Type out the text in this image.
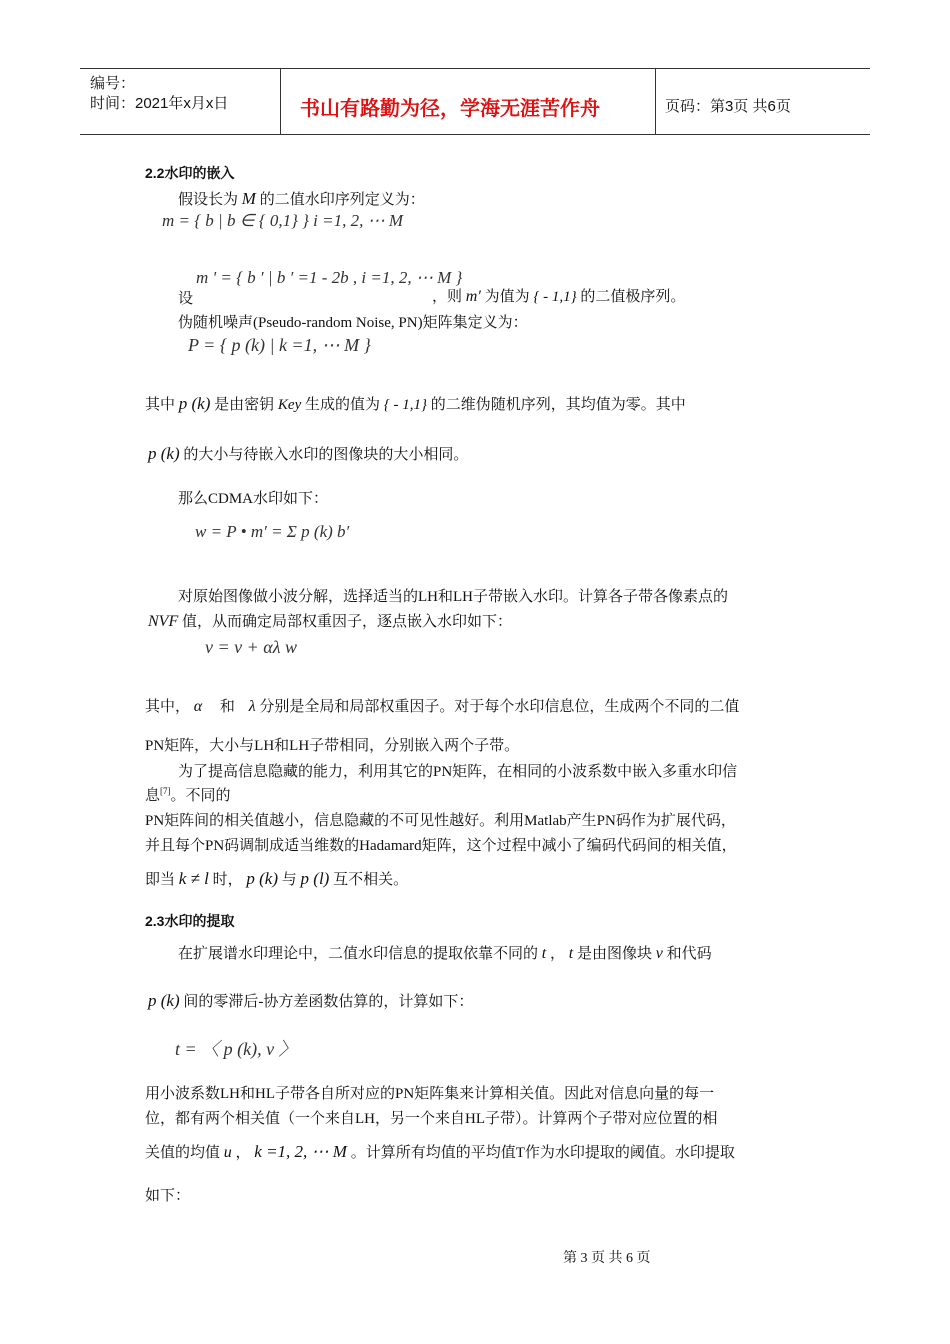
编号：
时间：2021年x月x日	书山有路勤为径，学海无涯苦作舟	页码：第3页 共6页
2.2水印的嵌入
假设长为 M 的二值水印序列定义为：
m = { b | b ∈ { 0,1} } i =1, 2, ⋯ M
m ' = { b ′ | b ′ =1 - 2b , i =1, 2, ⋯ M }
设	，则 m′ 为值为 { - 1,1} 的二值极序列。
伪随机噪声(Pseudo-random Noise, PN)矩阵集定义为：
P = { p (k) | k =1, ⋯ M }
其中 p (k) 是由密钥 Key 生成的值为 { - 1,1} 的二维伪随机序列，其均值为零。其中
p (k) 的大小与待嵌入水印的图像块的大小相同。
那么CDMA水印如下：
w = P • m′ = Σ p (k) b′
对原始图像做小波分解，选择适当的LH和LH子带嵌入水印。计算各子带各像素点的
NVF 值，从而确定局部权重因子，逐点嵌入水印如下：
v = v + αλ w
其中， α 和 λ 分别是全局和局部权重因子。对于每个水印信息位，生成两个不同的二值
PN矩阵，大小与LH和LH子带相同，分别嵌入两个子带。
为了提高信息隐藏的能力，利用其它的PN矩阵，在相同的小波系数中嵌入多重水印信
息[7]。不同的
PN矩阵间的相关值越小，信息隐藏的不可见性越好。利用Matlab产生PN码作为扩展代码，
并且每个PN码调制成适当维数的Hadamard矩阵，这个过程中减小了编码代码间的相关值，
即当 k ≠ l 时， p (k) 与 p (l) 互不相关。
2.3水印的提取
在扩展谱水印理论中，二值水印信息的提取依靠不同的 t ， t 是由图像块 v 和代码
p (k) 间的零滞后-协方差函数估算的，计算如下：
t = 〈 p (k), v 〉
用小波系数LH和HL子带各自所对应的PN矩阵集来计算相关值。因此对信息向量的每一
位，都有两个相关值（一个来自LH，另一个来自HL子带）。计算两个子带对应位置的相
关值的均值 u ， k =1, 2, ⋯ M 。计算所有均值的平均值T作为水印提取的阈值。水印提取
如下：
第 3 页 共 6 页
